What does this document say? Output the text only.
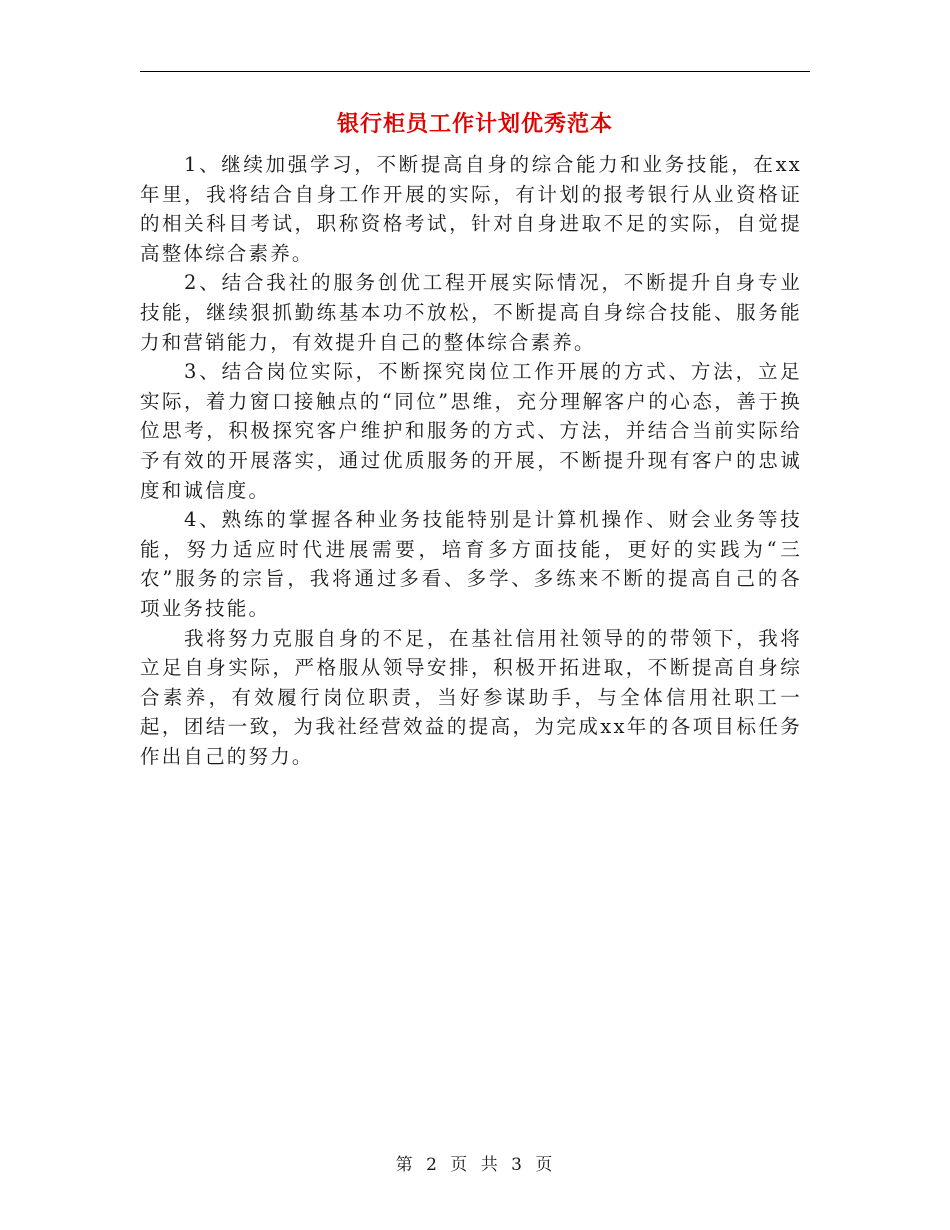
银行柜员工作计划优秀范本

1、继续加强学习，不断提高自身的综合能力和业务技能，在xx年里，我将结合自身工作开展的实际，有计划的报考银行从业资格证的相关科目考试，职称资格考试，针对自身进取不足的实际，自觉提高整体综合素养。

2、结合我社的服务创优工程开展实际情况，不断提升自身专业技能，继续狠抓勤练基本功不放松，不断提高自身综合技能、服务能力和营销能力，有效提升自己的整体综合素养。

3、结合岗位实际，不断探究岗位工作开展的方式、方法，立足实际，着力窗口接触点的“同位”思维，充分理解客户的心态，善于换位思考，积极探究客户维护和服务的方式、方法，并结合当前实际给予有效的开展落实，通过优质服务的开展，不断提升现有客户的忠诚度和诚信度。

4、熟练的掌握各种业务技能特别是计算机操作、财会业务等技能，努力适应时代进展需要，培育多方面技能，更好的实践为“三农”服务的宗旨，我将通过多看、多学、多练来不断的提高自己的各项业务技能。

我将努力克服自身的不足，在基社信用社领导的的带领下，我将立足自身实际，严格服从领导安排，积极开拓进取，不断提高自身综合素养，有效履行岗位职责，当好参谋助手，与全体信用社职工一起，团结一致，为我社经营效益的提高，为完成xx年的各项目标任务作出自己的努力。

第 2 页 共 3 页
